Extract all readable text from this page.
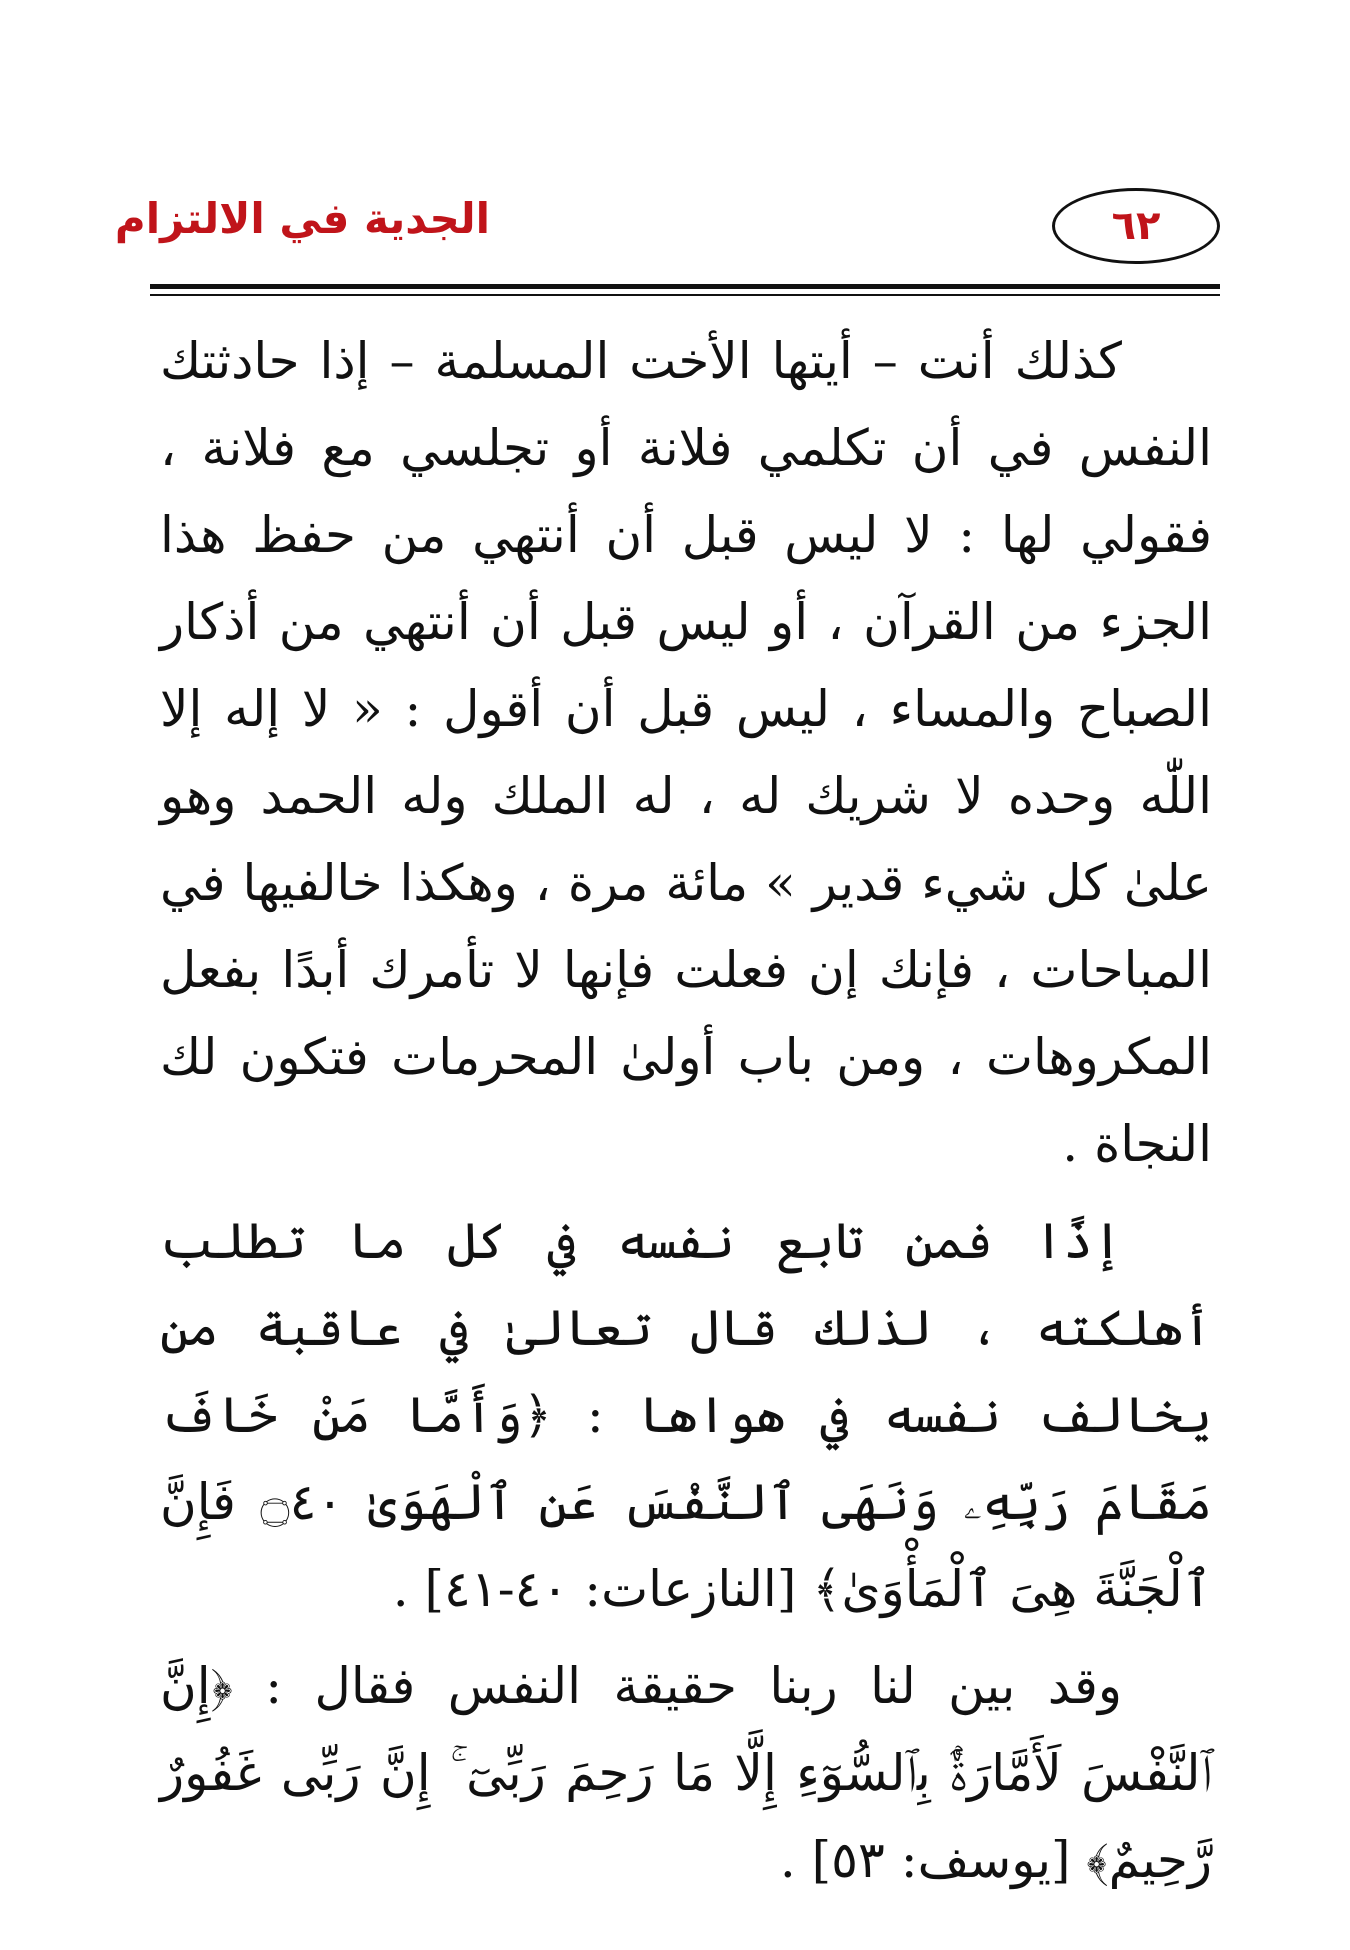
الجدية في الالتزام	٦٢

كذلك أنت – أيتها الأخت المسلمة – إذا حادثتك النفس في أن تكلمي فلانة أو تجلسي مع فلانة ، فقولي لها : لا ليس قبل أن أنتهي من حفظ هذا الجزء من القرآن ، أو ليس قبل أن أنتهي من أذكار الصباح والمساء ، ليس قبل أن أقول : « لا إله إلا اللّٰه وحده لا شريك له ، له الملك وله الحمد وهو علىٰ كل شيء قدير » مائة مرة ، وهكذا خالفيها في المباحات ، فإنك إن فعلت فإنها لا تأمرك أبدًا بفعل المكروهات ، ومن باب أولىٰ المحرمات فتكون لك النجاة .

إذًا فمن تابع نفسه في كل ما تطلب أهلكته ، لذلك قال تعالىٰ في عاقبة من يخالف نفسه في هواها : ﴿وَأَمَّا مَنْ خَافَ مَقَامَ رَبِّهِۦ وَنَهَى ٱلنَّفْسَ عَنِ ٱلْهَوَىٰ ۝٤٠ فَإِنَّ ٱلْجَنَّةَ هِىَ ٱلْمَأْوَىٰ﴾ [النازعات: ٤٠-٤١] .

وقد بين لنا ربنا حقيقة النفس فقال : ﴿إِنَّ ٱلنَّفْسَ لَأَمَّارَةٌۢ بِٱلسُّوٓءِ إِلَّا مَا رَحِمَ رَبِّىٓ ۚ إِنَّ رَبِّى غَفُورٌ رَّحِيمٌ﴾ [يوسف: ٥٣] .
